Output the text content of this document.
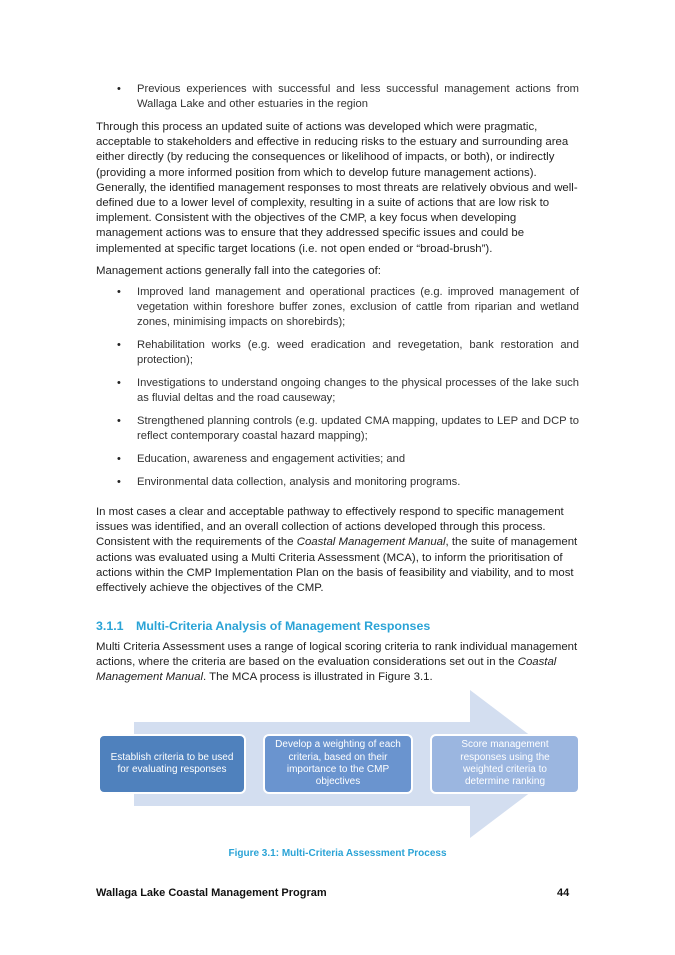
• Previous experiences with successful and less successful management actions from Wallaga Lake and other estuaries in the region
Through this process an updated suite of actions was developed which were pragmatic, acceptable to stakeholders and effective in reducing risks to the estuary and surrounding area either directly (by reducing the consequences or likelihood of impacts, or both), or indirectly (providing a more informed position from which to develop future management actions). Generally, the identified management responses to most threats are relatively obvious and well-defined due to a lower level of complexity, resulting in a suite of actions that are low risk to implement. Consistent with the objectives of the CMP, a key focus when developing management actions was to ensure that they addressed specific issues and could be implemented at specific target locations (i.e. not open ended or “broad-brush”).
Management actions generally fall into the categories of:
• Improved land management and operational practices (e.g. improved management of vegetation within foreshore buffer zones, exclusion of cattle from riparian and wetland zones, minimising impacts on shorebirds);
• Rehabilitation works (e.g. weed eradication and revegetation, bank restoration and protection);
• Investigations to understand ongoing changes to the physical processes of the lake such as fluvial deltas and the road causeway;
• Strengthened planning controls (e.g. updated CMA mapping, updates to LEP and DCP to reflect contemporary coastal hazard mapping);
• Education, awareness and engagement activities; and
• Environmental data collection, analysis and monitoring programs.
In most cases a clear and acceptable pathway to effectively respond to specific management issues was identified, and an overall collection of actions developed through this process. Consistent with the requirements of the Coastal Management Manual, the suite of management actions was evaluated using a Multi Criteria Assessment (MCA), to inform the prioritisation of actions within the CMP Implementation Plan on the basis of feasibility and viability, and to most effectively achieve the objectives of the CMP.
3.1.1 Multi-Criteria Analysis of Management Responses
Multi Criteria Assessment uses a range of logical scoring criteria to rank individual management actions, where the criteria are based on the evaluation considerations set out in the Coastal Management Manual. The MCA process is illustrated in Figure 3.1.
Establish criteria to be used for evaluating responses
Develop a weighting of each criteria, based on their importance to the CMP objectives
Score management responses using the weighted criteria to determine ranking
Figure 3.1: Multi-Criteria Assessment Process
Wallaga Lake Coastal Management Program	44
